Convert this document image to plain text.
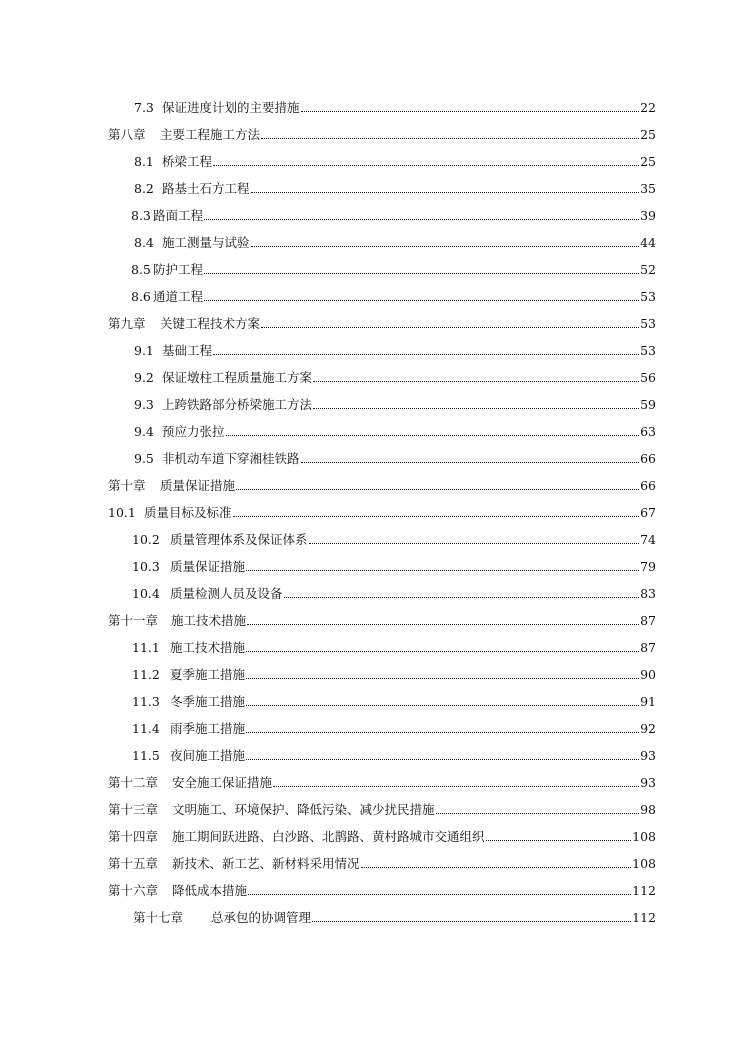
7.3 保证进度计划的主要措施	22
第八章	主要工程施工方法	25
8.1 桥梁工程	25
8.2 路基土石方工程	35
8.3 路面工程	39
8.4 施工测量与试验	44
8.5 防护工程	52
8.6 通道工程	53
第九章	关键工程技术方案	53
9.1 基础工程	53
9.2 保证墩柱工程质量施工方案	56
9.3 上跨铁路部分桥梁施工方法	59
9.4 预应力张拉	63
9.5 非机动车道下穿湘桂铁路	66
第十章	质量保证措施	66
10.1 质量目标及标准	67
10.2 质量管理体系及保证体系	74
10.3 质量保证措施	79
10.4 质量检测人员及设备	83
第十一章	施工技术措施	87
11.1 施工技术措施	87
11.2 夏季施工措施	90
11.3 冬季施工措施	91
11.4 雨季施工措施	92
11.5 夜间施工措施	93
第十二章	安全施工保证措施	93
第十三章	文明施工、环境保护、降低污染、减少扰民措施	98
第十四章	施工期间跃进路、白沙路、北鹊路、黄村路城市交通组织	108
第十五章	新技术、新工艺、新材料采用情况	108
第十六章	降低成本措施	112
第十七章	总承包的协调管理	112
